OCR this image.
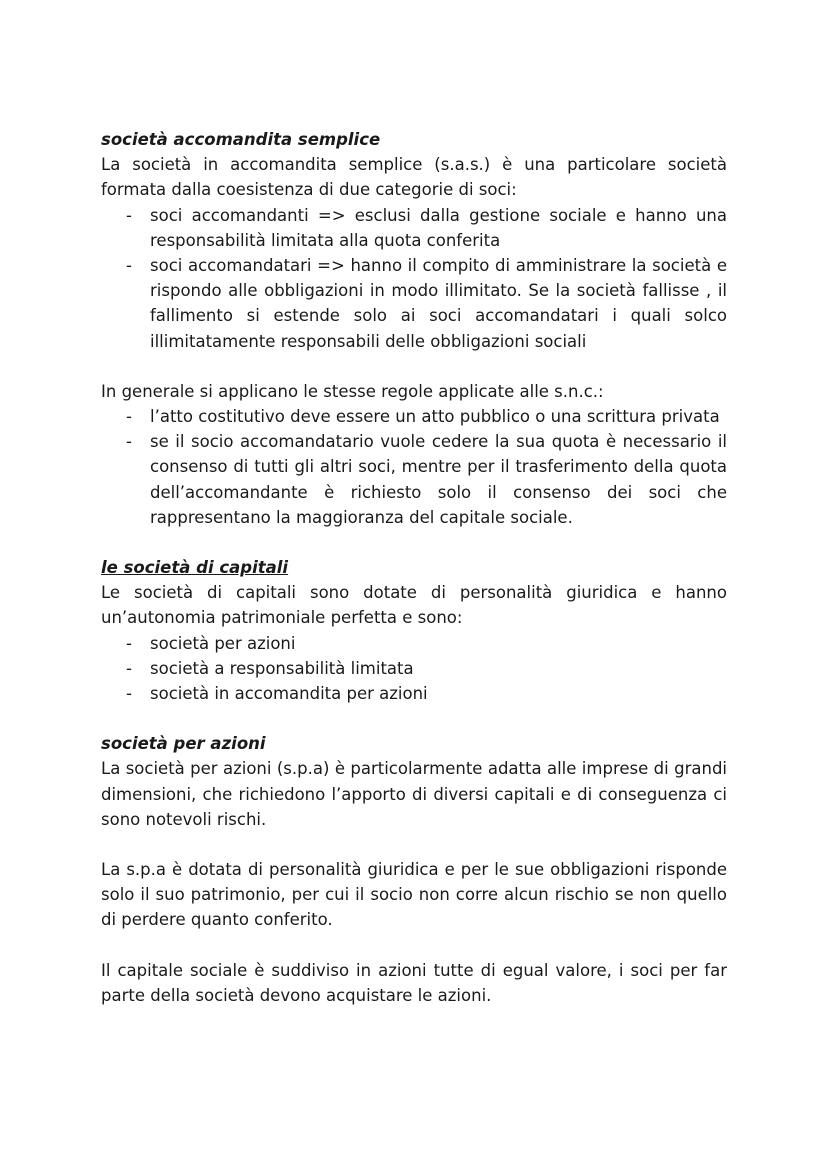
società accomandita semplice

La società in accomandita semplice (s.a.s.) è una particolare società formata dalla coesistenza di due categorie di soci:

- soci accomandanti => esclusi dalla gestione sociale e hanno una responsabilità limitata alla quota conferita
- soci accomandatari => hanno il compito di amministrare la società e rispondo alle obbligazioni in modo illimitato. Se la società fallisse , il fallimento si estende solo ai soci accomandatari i quali solco illimitatamente responsabili delle obbligazioni sociali

In generale si applicano le stesse regole applicate alle s.n.c.:

- l’atto costitutivo deve essere un atto pubblico o una scrittura privata
- se il socio accomandatario vuole cedere la sua quota è necessario il consenso di tutti gli altri soci, mentre per il trasferimento della quota dell’accomandante è richiesto solo il consenso dei soci che rappresentano la maggioranza del capitale sociale.
le società di capitali

Le società di capitali sono dotate di personalità giuridica e hanno un’autonomia patrimoniale perfetta e sono:

- società per azioni
- società a responsabilità limitata
- società in accomandita per azioni
società per azioni

La società per azioni (s.p.a) è particolarmente adatta alle imprese di grandi dimensioni, che richiedono l’apporto di diversi capitali e di conseguenza ci sono notevoli rischi.

La s.p.a è dotata di personalità giuridica e per le sue obbligazioni risponde solo il suo patrimonio, per cui il socio non corre alcun rischio se non quello di perdere quanto conferito.

Il capitale sociale è suddiviso in azioni tutte di egual valore, i soci per far parte della società devono acquistare le azioni.
